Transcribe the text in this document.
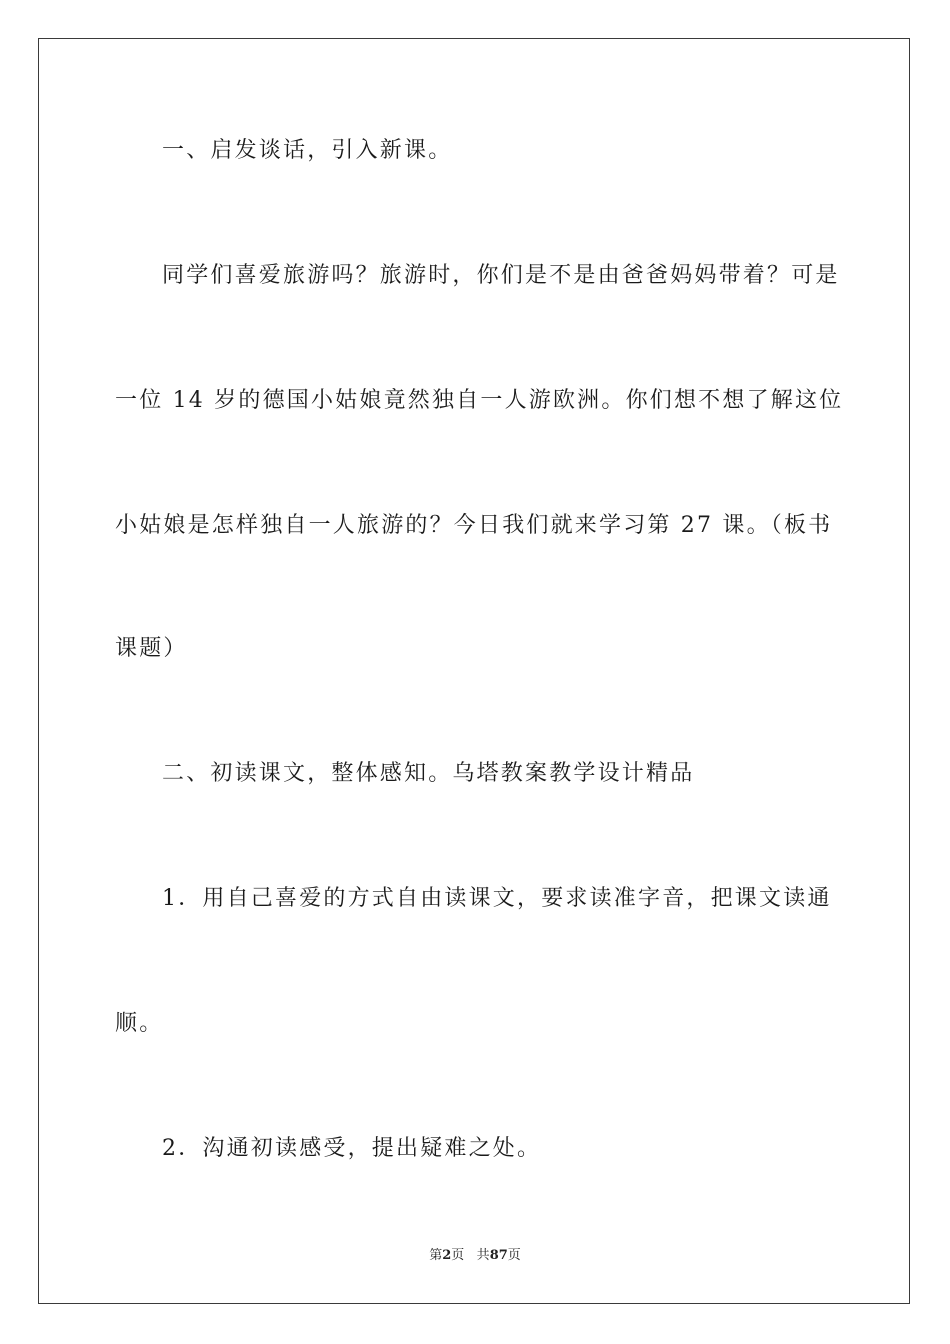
一、启发谈话，引入新课。
同学们喜爱旅游吗？旅游时，你们是不是由爸爸妈妈带着？可是
一位 14 岁的德国小姑娘竟然独自一人游欧洲。你们想不想了解这位
小姑娘是怎样独自一人旅游的？今日我们就来学习第 27 课。（板书
课题）
二、初读课文，整体感知。乌塔教案教学设计精品
1．用自己喜爱的方式自由读课文，要求读准字音，把课文读通
顺。
2．沟通初读感受，提出疑难之处。
第2页 共87页
